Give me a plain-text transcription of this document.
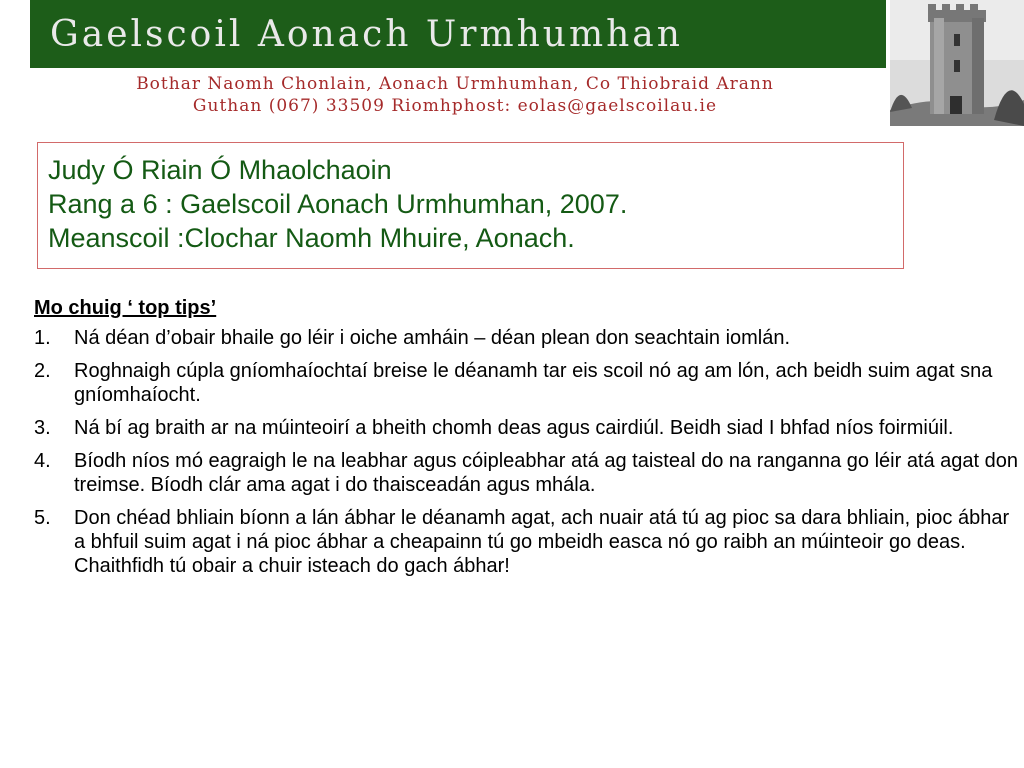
Gaelscoil Aonach Urmhumhan
Bothar Naomh Chonlain, Aonach Urmhumhan, Co Thiobraid Arann
Guthan (067) 33509 Riomhphost: eolas@gaelscoilau.ie
Judy Ó Riain Ó Mhaolchaoin
Rang a 6 : Gaelscoil Aonach Urmhumhan, 2007.
Meanscoil :Clochar Naomh Mhuire, Aonach.
Mo chuig ‘ top tips’
1.	Ná déan d’obair bhaile go léir i oiche amháin – déan plean don seachtain iomlán.
2.	Roghnaigh cúpla gníomhaíochtaí breise le déanamh tar eis scoil nó ag am lón, ach beidh suim agat sna gníomhaíocht.
3.	Ná bí ag braith ar na múinteoirí a bheith chomh deas agus cairdiúl. Beidh siad I bhfad níos foirmiúil.
4.	Bíodh níos mó eagraigh le na leabhar agus cóipleabhar atá ag taisteal do na ranganna go léir atá agat don treimse. Bíodh clár ama agat i do thaisceadán agus mhála.
5.	Don chéad bhliain bíonn a lán ábhar le déanamh agat, ach nuair atá tú ag pioc sa dara bhliain, pioc ábhar a bhfuil suim agat i ná pioc ábhar a cheapainn tú go mbeidh easca nó go raibh an múinteoir go deas. Chaithfidh tú obair a chuir isteach do gach ábhar!
